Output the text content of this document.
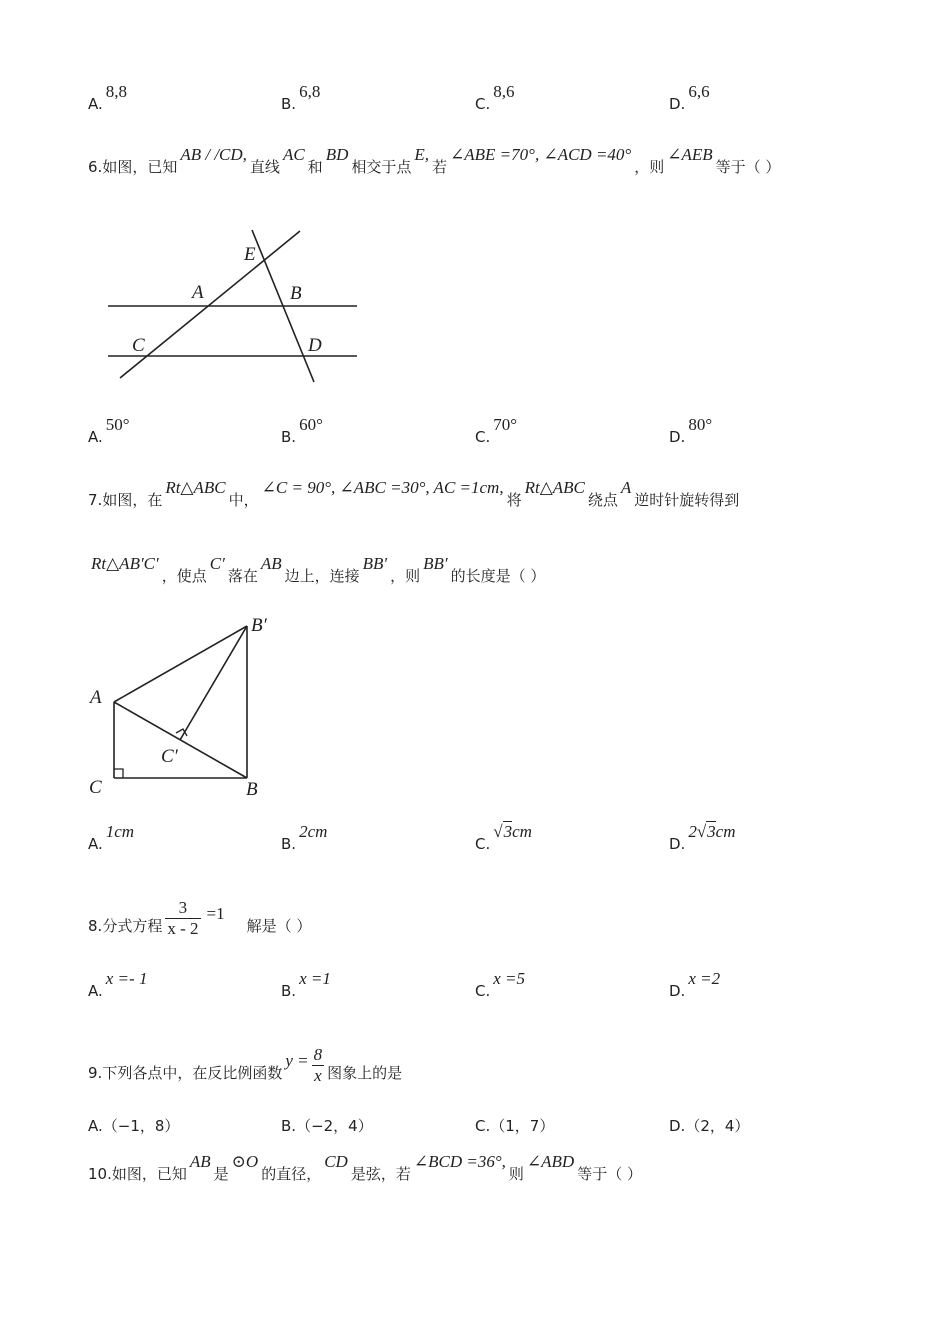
A.8,8
B.6,8
C.8,6
D.6,6
6.如图，已知AB / /CD,直线AC和BD相交于点E,若∠ABE =70°, ∠ACD =40°，则∠AEB等于（ ）
E
A	B
C	D
A.50°
B.60°
C.70°
D.80°
7.如图，在Rt△ABC中，∠C = 90°, ∠ABC =30°, AC =1cm,将Rt△ABC绕点A逆时针旋转得到
Rt△AB′C′，使点C′落在AB边上，连接BB′，则BB′的长度是（ ）
B′
A
C′
C	B
A.1cm
B.2cm
C.√3cm
D.2√3cm
8.分式方程 $\frac{3}{x - 2} =1$解是（ ）
A.x =- 1
B.x =1
C.x =5
D.x =2
9.下列各点中，在反比例函数$y = \frac{8}{x}$ 图象上的是
A.（−1，8）	B.（−2，4）	C.（1，7）	D.（2，4）
10.如图，已知AB是⊙O的直径，CD是弦，若∠BCD =36°,则∠ABD等于（ ）
